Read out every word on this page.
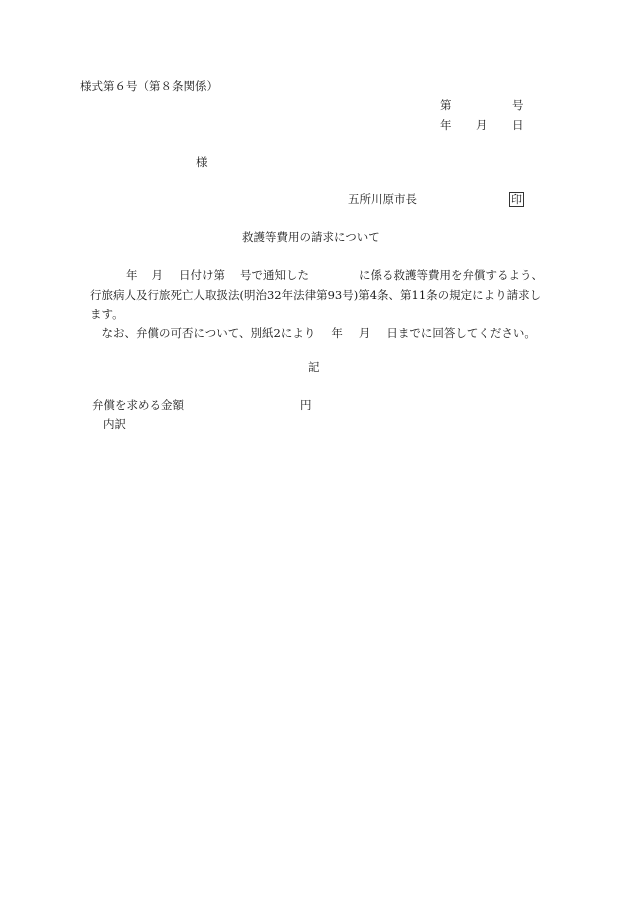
様式第６号（第８条関係）
第	号
年 月 日
様
五所川原市長	印
救護等費用の請求について
年 月 日付け第 号で通知した	に係る救護等費用を弁償するよう、行旅病人及行旅死亡人取扱法(明治32年法律第93号)第4条、第11条の規定により請求します。
　なお、弁償の可否について、別紙2により 年 月 日までに回答してください。
記
弁償を求める金額	円
内訳
